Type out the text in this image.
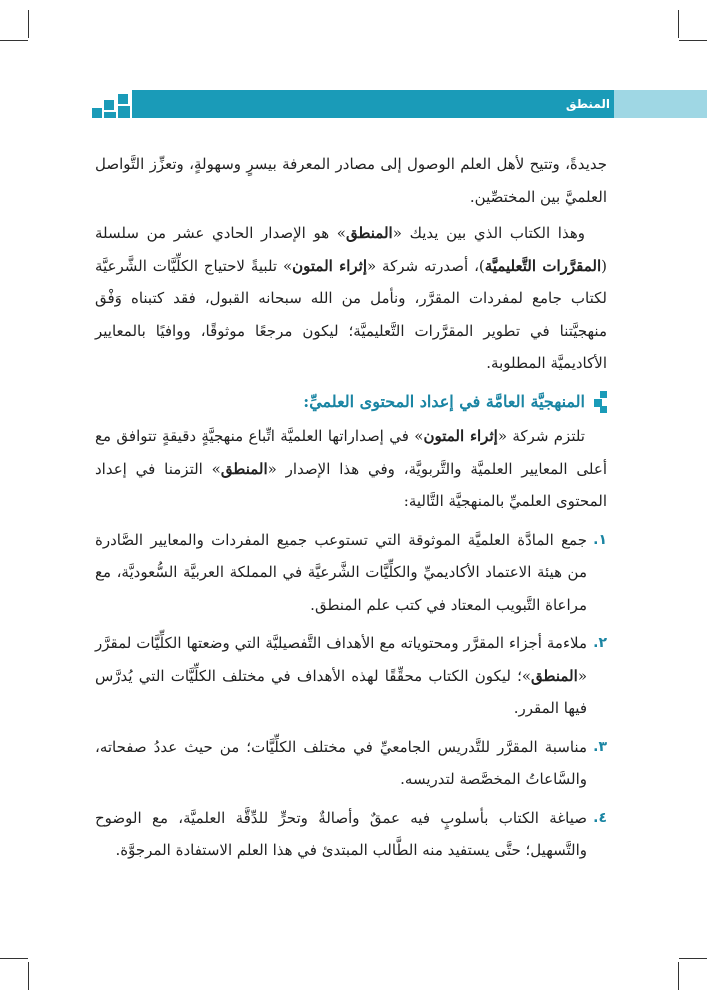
المنطق

جديدةً، وتتيح لأهل العلم الوصول إلى مصادر المعرفة بيسرٍ وسهولةٍ، وتعزِّز التَّواصل العلميَّ بين المختصِّين.

وهذا الكتاب الذي بين يديك «المنطق» هو الإصدار الحادي عشر من سلسلة (المقرَّرات التَّعليميَّة)، أصدرته شركة «إثراء المتون» تلبيةً لاحتياج الكلِّيَّات الشَّرعيَّة لكتاب جامع لمفردات المقرَّر، ونأمل من الله سبحانه القبول، فقد كتبناه وَفْق منهجيَّتنا في تطوير المقرَّرات التَّعليميَّة؛ ليكون مرجعًا موثوقًا، ووافيًا بالمعايير الأكاديميَّة المطلوبة.

المنهجيَّة العامَّة في إعداد المحتوى العلميِّ:

تلتزم شركة «إثراء المتون» في إصداراتها العلميَّة اتِّباع منهجيَّةٍ دقيقةٍ تتوافق مع أعلى المعايير العلميَّة والتَّربويَّة، وفي هذا الإصدار «المنطق» التزمنا في إعداد المحتوى العلميِّ بالمنهجيَّة التَّالية:

١.
جمع المادَّة العلميَّة الموثوقة التي تستوعب جميع المفردات والمعايير الصَّادرة من هيئة الاعتماد الأكاديميِّ والكلِّيَّات الشَّرعيَّة في المملكة العربيَّة السُّعوديَّة، مع مراعاة التَّبويب المعتاد في كتب علم المنطق.
٢.
ملاءمة أجزاء المقرَّر ومحتوياته مع الأهداف التَّفصيليَّة التي وضعتها الكلِّيَّات لمقرَّر «المنطق»؛ ليكون الكتاب محقِّقًا لهذه الأهداف في مختلف الكلِّيَّات التي يُدرَّس فيها المقرر.
٣.
مناسبة المقرَّر للتَّدريس الجامعيِّ في مختلف الكلِّيَّات؛ من حيث عددُ صفحاته، والسَّاعاتُ المخصَّصة لتدريسه.
٤.
صياغة الكتاب بأسلوبٍ فيه عمقٌ وأصالةٌ وتحرٍّ للدِّقَّة العلميَّة، مع الوضوح والتَّسهيل؛ حتَّى يستفيد منه الطَّالب المبتدئ في هذا العلم الاستفادة المرجوَّة.
